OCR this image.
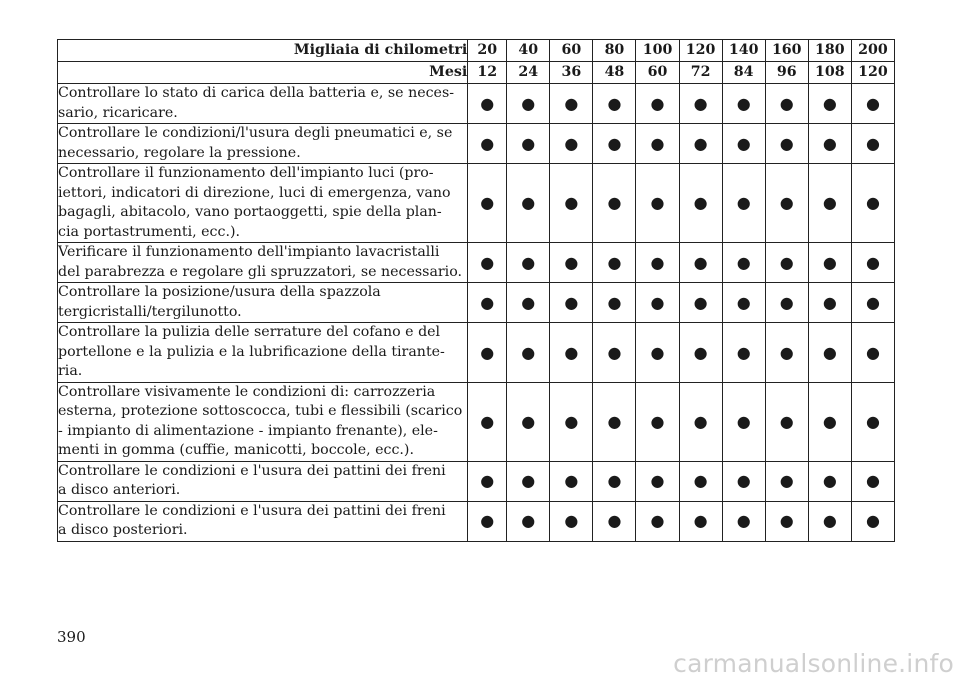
Migliaia di chilometri	20	40	60	80	100	120	140	160	180	200
Mesi	12	24	36	48	60	72	84	96	108	120
Controllare lo stato di carica della batteria e, se neces-
sario, ricaricare.	●	●	●	●	●	●	●	●	●	●
Controllare le condizioni/l'usura degli pneumatici e, se
necessario, regolare la pressione.	●	●	●	●	●	●	●	●	●	●
Controllare il funzionamento dell'impianto luci (pro-
iettori, indicatori di direzione, luci di emergenza, vano
bagagli, abitacolo, vano portaoggetti, spie della plan-
cia portastrumenti, ecc.).	●	●	●	●	●	●	●	●	●	●
Verificare il funzionamento dell'impianto lavacristalli
del parabrezza e regolare gli spruzzatori, se necessario.	●	●	●	●	●	●	●	●	●	●
Controllare la posizione/usura della spazzola
tergicristalli/tergilunotto.	●	●	●	●	●	●	●	●	●	●
Controllare la pulizia delle serrature del cofano e del
portellone e la pulizia e la lubrificazione della tirante-
ria.	●	●	●	●	●	●	●	●	●	●
Controllare visivamente le condizioni di: carrozzeria
esterna, protezione sottoscocca, tubi e flessibili (scarico
- impianto di alimentazione - impianto frenante), ele-
menti in gomma (cuffie, manicotti, boccole, ecc.).	●	●	●	●	●	●	●	●	●	●
Controllare le condizioni e l'usura dei pattini dei freni
a disco anteriori.	●	●	●	●	●	●	●	●	●	●
Controllare le condizioni e l'usura dei pattini dei freni
a disco posteriori.	●	●	●	●	●	●	●	●	●	●
390
carmanualsonline.info
